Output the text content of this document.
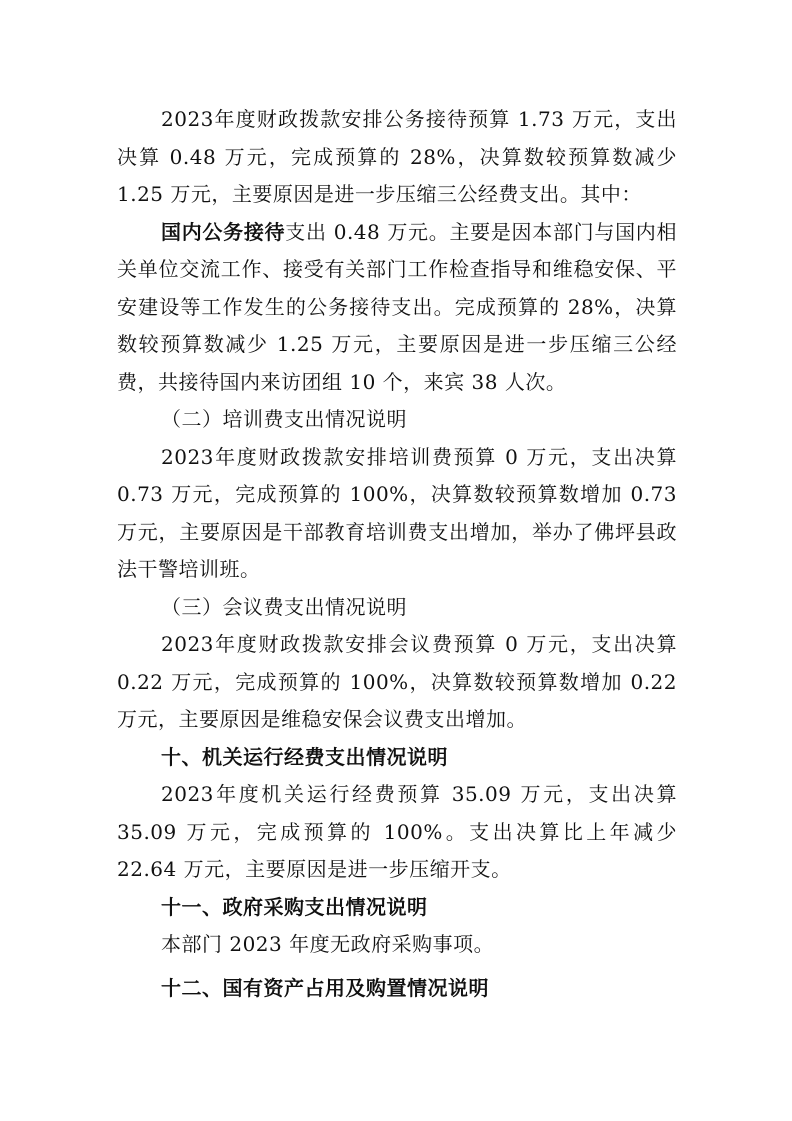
2023年度财政拨款安排公务接待预算 1.73 万元，支出决算 0.48 万元，完成预算的 28%，决算数较预算数减少 1.25 万元，主要原因是进一步压缩三公经费支出。其中：

国内公务接待支出 0.48 万元。主要是因本部门与国内相关单位交流工作、接受有关部门工作检查指导和维稳安保、平安建设等工作发生的公务接待支出。完成预算的 28%，决算数较预算数减少 1.25 万元，主要原因是进一步压缩三公经费，共接待国内来访团组 10 个，来宾 38 人次。

（二）培训费支出情况说明

2023年度财政拨款安排培训费预算 0 万元，支出决算 0.73 万元，完成预算的 100%，决算数较预算数增加 0.73 万元，主要原因是干部教育培训费支出增加，举办了佛坪县政法干警培训班。

（三）会议费支出情况说明

2023年度财政拨款安排会议费预算 0 万元，支出决算 0.22 万元，完成预算的 100%，决算数较预算数增加 0.22 万元，主要原因是维稳安保会议费支出增加。

十、机关运行经费支出情况说明

2023年度机关运行经费预算 35.09 万元，支出决算 35.09 万元，完成预算的 100%。支出决算比上年减少 22.64 万元，主要原因是进一步压缩开支。

十一、政府采购支出情况说明

本部门 2023 年度无政府采购事项。

十二、国有资产占用及购置情况说明
